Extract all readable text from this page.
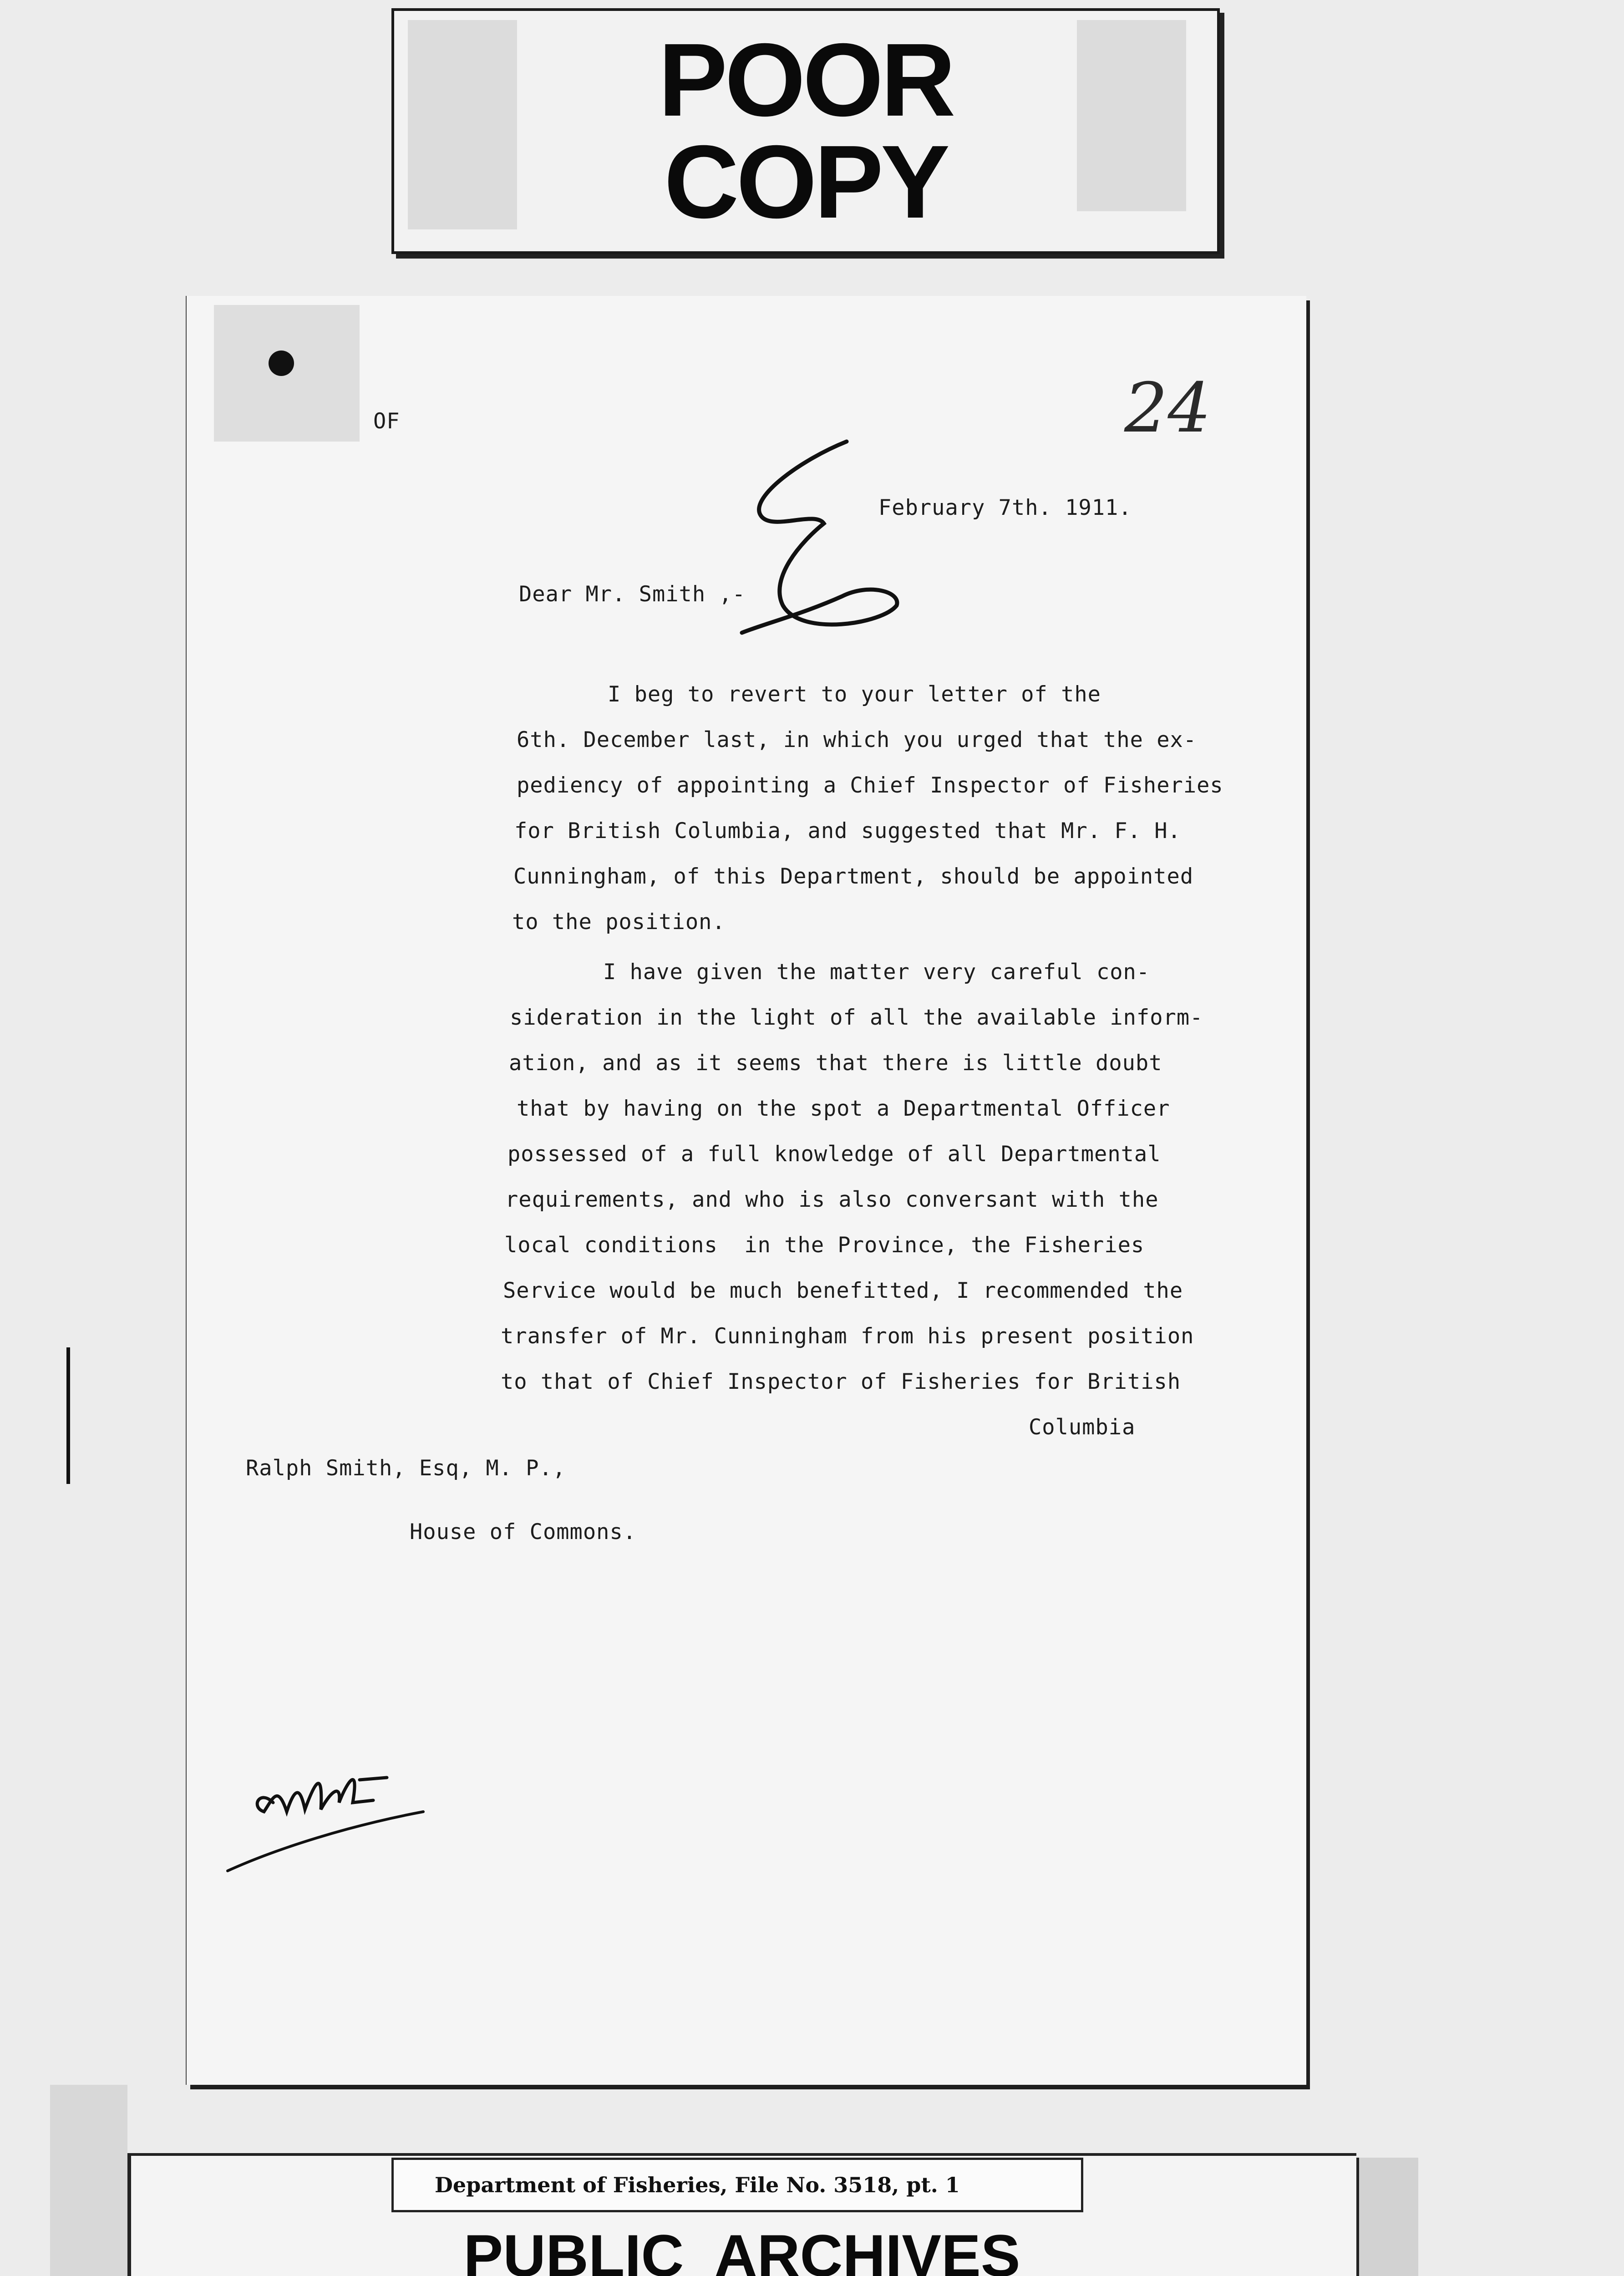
POOR
COPY
OF	24
February 7th. 1911.
Dear Mr. Smith ,-
I beg to revert to your letter of the
6th. December last, in which you urged that the ex-
pediency of appointing a Chief Inspector of Fisheries
for British Columbia, and suggested that Mr. F. H.
Cunningham, of this Department, should be appointed
to the position.
I have given the matter very careful con-
sideration in the light of all the available inform-
ation, and as it seems that there is little doubt
that by having on the spot a Departmental Officer
possessed of a full knowledge of all Departmental
requirements, and who is also conversant with the
local conditions  in the Province, the Fisheries
Service would be much benefitted, I recommended the
transfer of Mr. Cunningham from his present position
to that of Chief Inspector of Fisheries for British
Columbia
Ralph Smith, Esq, M. P.,
House of Commons.
Department of Fisheries, File No. 3518, pt. 1
PUBLIC  ARCHIVES
